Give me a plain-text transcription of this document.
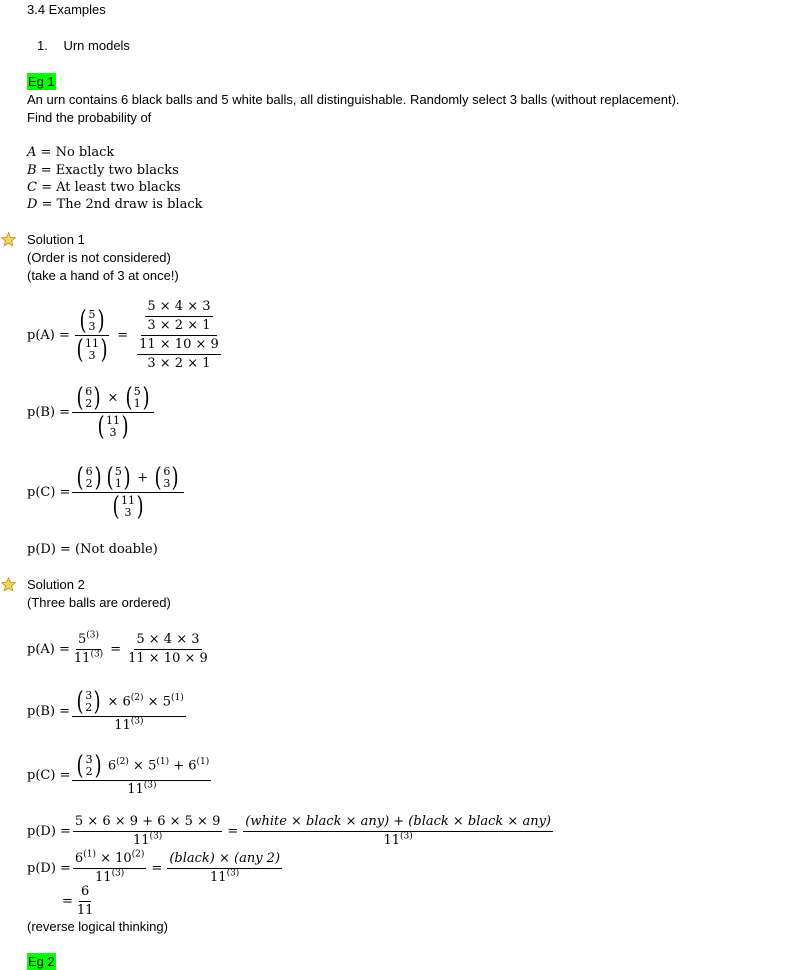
3.4 Examples
1. Urn models
Eg 1
An urn contains 6 black balls and 5 white balls, all distinguishable. Randomly select 3 balls (without replacement).
Find the probability of
A = No black
B = Exactly two blacks
C = At least two blacks
D = The 2nd draw is black
Solution 1
(Order is not considered)
(take a hand of 3 at once!)
p(A) = ( 5
3 )
( 11
3 ) = $\frac{\frac{5 \times 4 \times 3}{3 \times 2 \times 1}}{\frac{11 \times 10 \times 9}{3 \times 2 \times 1}}$
p(B) = ( 6
2 ) × ( 5
1 )
( 11
3 )
p(C) = ( 6
2 ) ( 5
1 ) + ( 6
3 )
( 11
3 )
p(D) = (Not doable)
Solution 2
(Three balls are ordered)
$p(A) = \frac{5^{(3)}}{11^{(3)}} = \frac{5 \times 4 \times 3}{11 \times 10 \times 9}$
p(B) = ( 3
2 ) × $6^{(2)} \times 5^{(1)}$
11$^{(3)}$
p(C) = ( 3
2 ) $6^{(2)} \times 5^{(1)} + 6^{(1)}$
11$^{(3)}$
$p(D) = \frac{5 \times 6 \times 9 + 6 \times 5 \times 9}{11^{(3)}} = \frac{\text{(white × black × any) + (black × black × any)}}{11^{(3)}}$
$p(D) = \frac{6^{(1)} \times 10^{(2)}}{11^{(3)}} = \frac{\text{(black) × (any 2)}}{11^{(3)}}$
= $\frac{6}{11}$
(reverse logical thinking)
Eg 2
